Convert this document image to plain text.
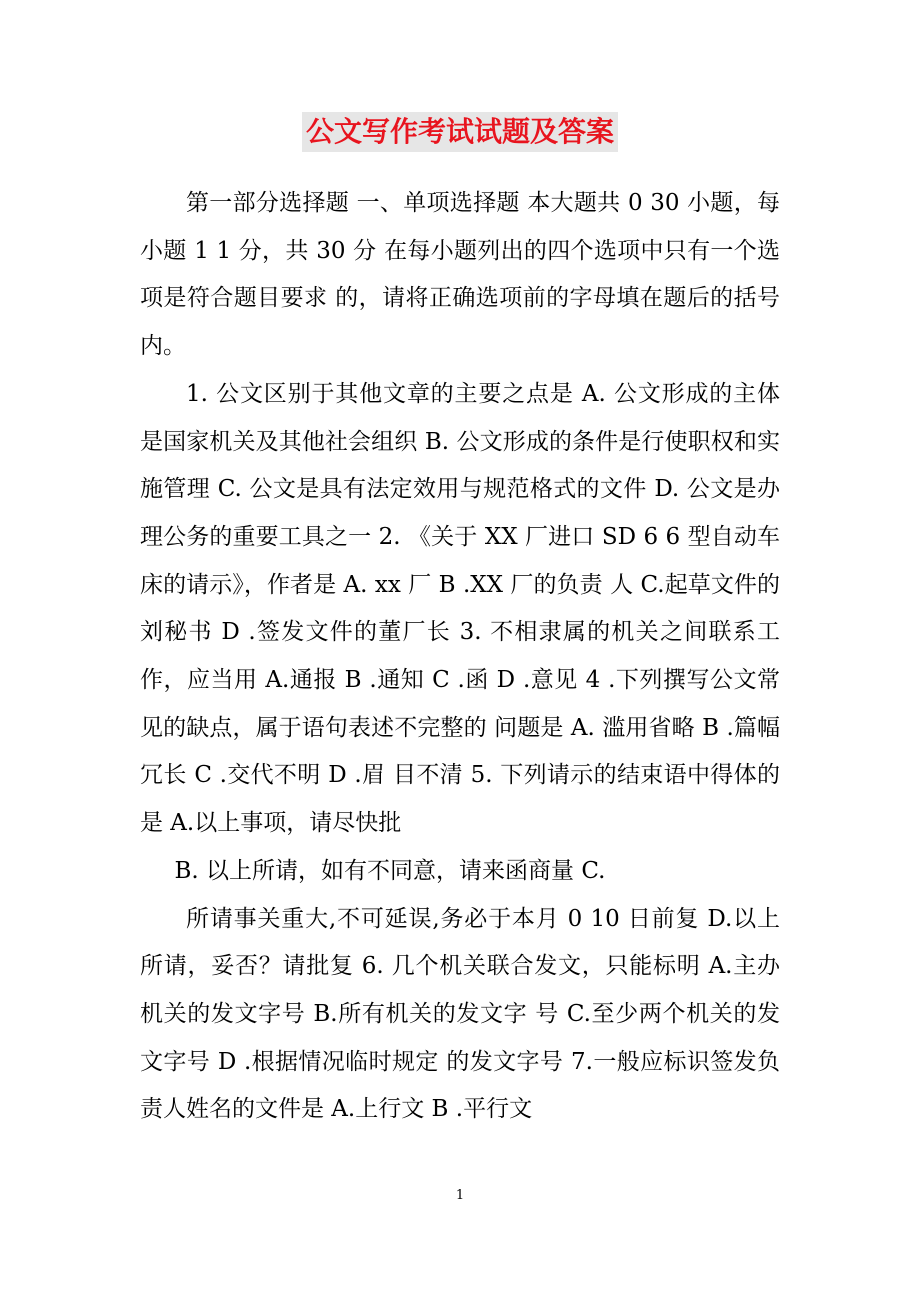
公文写作考试试题及答案

第一部分选择题 一、单项选择题 本大题共 0 30 小题，每小题 1 1 分，共 30 分 在每小题列出的四个选项中只有一个选项是符合题目要求 的，请将正确选项前的字母填在题后的括号内。

1. 公文区别于其他文章的主要之点是 A. 公文形成的主体是国家机关及其他社会组织 B. 公文形成的条件是行使职权和实施管理 C. 公文是具有法定效用与规范格式的文件 D. 公文是办理公务的重要工具之一 2. 《关于 XX 厂进口 SD 6 6 型自动车床的请示》，作者是 A. xx 厂 B .XX 厂的负责 人 C.起草文件的刘秘书 D .签发文件的董厂长 3. 不相隶属的机关之间联系工作，应当用 A.通报 B .通知 C .函 D .意见 4 .下列撰写公文常见的缺点，属于语句表述不完整的 问题是 A. 滥用省略 B .篇幅冗长 C .交代不明 D .眉 目不清 5. 下列请示的结束语中得体的是 A.以上事项，请尽快批

B. 以上所请，如有不同意，请来函商量 C.

所请事关重大,不可延误,务必于本月 0 10 日前复 D.以上所请，妥否？请批复 6. 几个机关联合发文，只能标明 A.主办机关的发文字号 B.所有机关的发文字 号 C.至少两个机关的发文字号 D .根据情况临时规定 的发文字号 7.一般应标识签发负责人姓名的文件是 A.上行文 B .平行文

1
